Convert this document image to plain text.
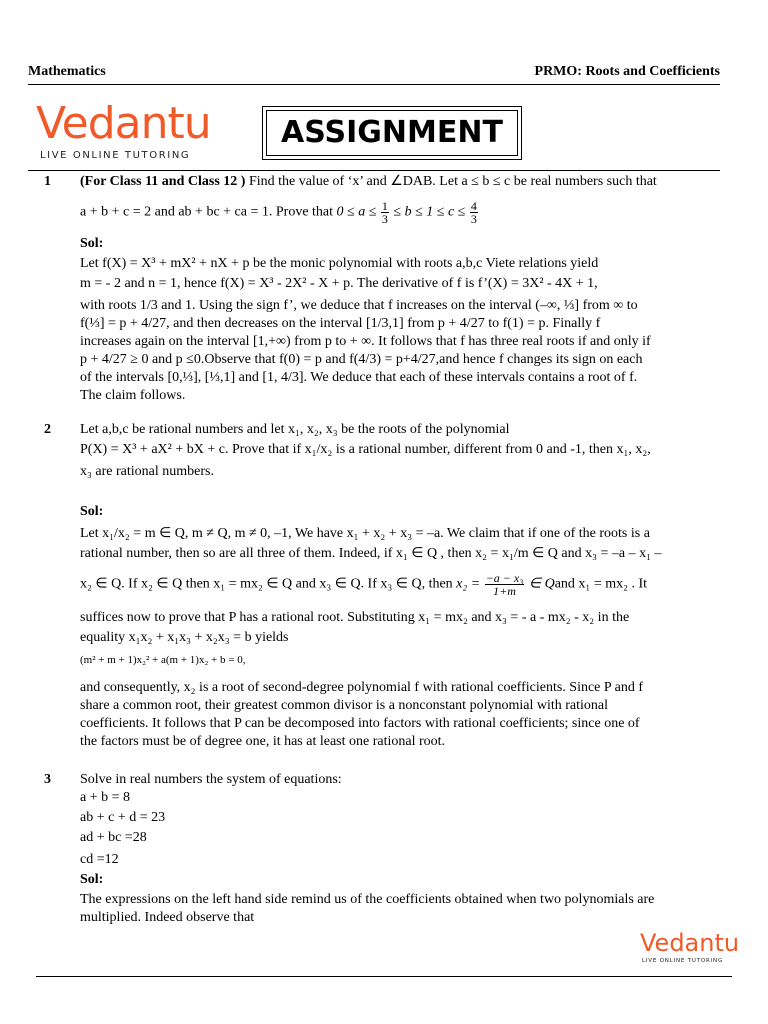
Mathematics	PRMO: Roots and Coefficients
Vedantu
LIVE ONLINE TUTORING
ASSIGNMENT
1 (For Class 11 and Class 12 ) Find the value of ‘x’ and ∠DAB. Let a ≤ b ≤ c be real numbers such that
a + b + c = 2 and ab + bc + ca = 1. Prove that $0 \le a \le \frac{1}{3} \le b \le 1 \le c \le \frac{4}{3}$
Sol:
Let f(X) = X³ + mX² + nX + p be the monic polynomial with roots a,b,c Viete relations yield
m = - 2 and n = 1, hence f(X) = X³ - 2X² - X + p. The derivative of f is f’(X) = 3X² - 4X + 1,
with roots 1/3 and 1. Using the sign f’, we deduce that f increases on the interval (–∞, ⅓] from ∞ to
f(⅓] = p + 4/27, and then decreases on the interval [1/3,1] from p + 4/27 to f(1) = p. Finally f
increases again on the interval [1,+∞) from p to + ∞. It follows that f has three real roots if and only if
p + 4/27 ≥ 0 and p ≤0.Observe that f(0) = p and f(4/3) = p+4/27,and hence f changes its sign on each
of the intervals [0,⅓], [⅓,1] and [1, 4/3]. We deduce that each of these intervals contains a root of f.
The claim follows.
2 Let a,b,c be rational numbers and let x₁, x₂, x₃ be the roots of the polynomial
P(X) = X³ + aX² + bX + c. Prove that if x₁/x₂ is a rational number, different from 0 and -1, then x₁, x₂,
x₃ are rational numbers.
Sol:
Let x₁/x₂ = m ∈ Q, m ≠ Q, m ≠ 0, –1, We have x₁ + x₂ + x₃ = –a. We claim that if one of the roots is a
rational number, then so are all three of them. Indeed, if x₁ ∈ Q , then x₂ = x₁/m ∈ Q and x₃ = –a – x₁ –
x₂ ∈ Q. If x₂ ∈ Q then x₁ = mx₂ ∈ Q and x₃ ∈ Q. If x₃ ∈ Q, then $x_2 = \frac{\text{−a − x₃}}{1+m}$ ∈ Qand x₁ = mx₂ . It
suffices now to prove that P has a rational root. Substituting x₁ = mx₂ and x₃ = - a - mx₂ - x₂ in the
equality x₁x₂ + x₁x₃ + x₂x₃ = b yields
(m² + m + 1)x₂² + a(m + 1)x₂ + b = 0,
and consequently, x₂ is a root of second-degree polynomial f with rational coefficients. Since P and f
share a common root, their greatest common divisor is a nonconstant polynomial with rational
coefficients. It follows that P can be decomposed into factors with rational coefficients; since one of
the factors must be of degree one, it has at least one rational root.
3 Solve in real numbers the system of equations:
a + b = 8
ab + c + d = 23
ad + bc =28
cd =12
Sol:
The expressions on the left hand side remind us of the coefficients obtained when two polynomials are
multiplied. Indeed observe that
Vedantu
LIVE ONLINE TUTORING
